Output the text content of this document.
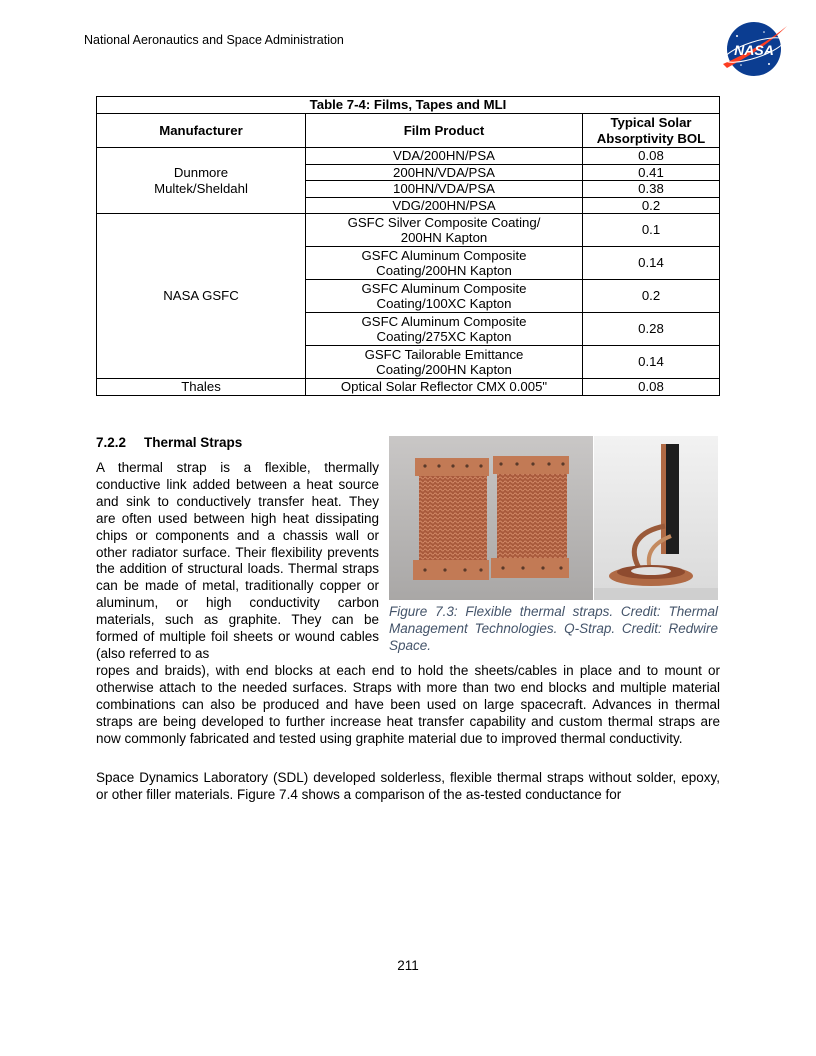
National Aeronautics and Space Administration
NASA
Table 7-4: Films, Tapes and MLI		
Manufacturer	Film Product	Typical Solar Absorptivity BOL

Dunmore Multek/Sheldahl	VDA/200HN/PSA	0.08
	200HN/VDA/PSA	0.41
	100HN/VDA/PSA	0.38
	VDG/200HN/PSA	0.2
NASA GSFC	GSFC Silver Composite Coating/ 200HN Kapton	0.1

	GSFC Aluminum Composite Coating/200HN Kapton	0.14

	GSFC Aluminum Composite Coating/100XC Kapton	0.2

	GSFC Aluminum Composite Coating/275XC Kapton	0.28

	GSFC Tailorable Emittance Coating/200HN Kapton	0.14
Thales	Optical Solar Reflector CMX 0.005"	0.08
7.2.2 Thermal Straps

A thermal strap is a flexible, thermally conductive link added between a heat source and sink to conductively transfer heat. They are often used between high heat dissipating chips or components and a chassis wall or other radiator surface. Their flexibility prevents the addition of structural loads. Thermal straps can be made of metal, traditionally copper or aluminum, or high conductivity carbon materials, such as graphite. They can be formed of multiple foil sheets or wound cables (also referred to as

Figure 7.3: Flexible thermal straps. Credit: Thermal Management Technologies. Q-Strap. Credit: Redwire Space.

ropes and braids), with end blocks at each end to hold the sheets/cables in place and to mount or otherwise attach to the needed surfaces. Straps with more than two end blocks and multiple material combinations can also be produced and have been used on large spacecraft. Advances in thermal straps are being developed to further increase heat transfer capability and custom thermal straps are now commonly fabricated and tested using graphite material due to improved thermal conductivity.

Space Dynamics Laboratory (SDL) developed solderless, flexible thermal straps without solder, epoxy, or other filler materials. Figure 7.4 shows a comparison of the as-tested conductance for

211
